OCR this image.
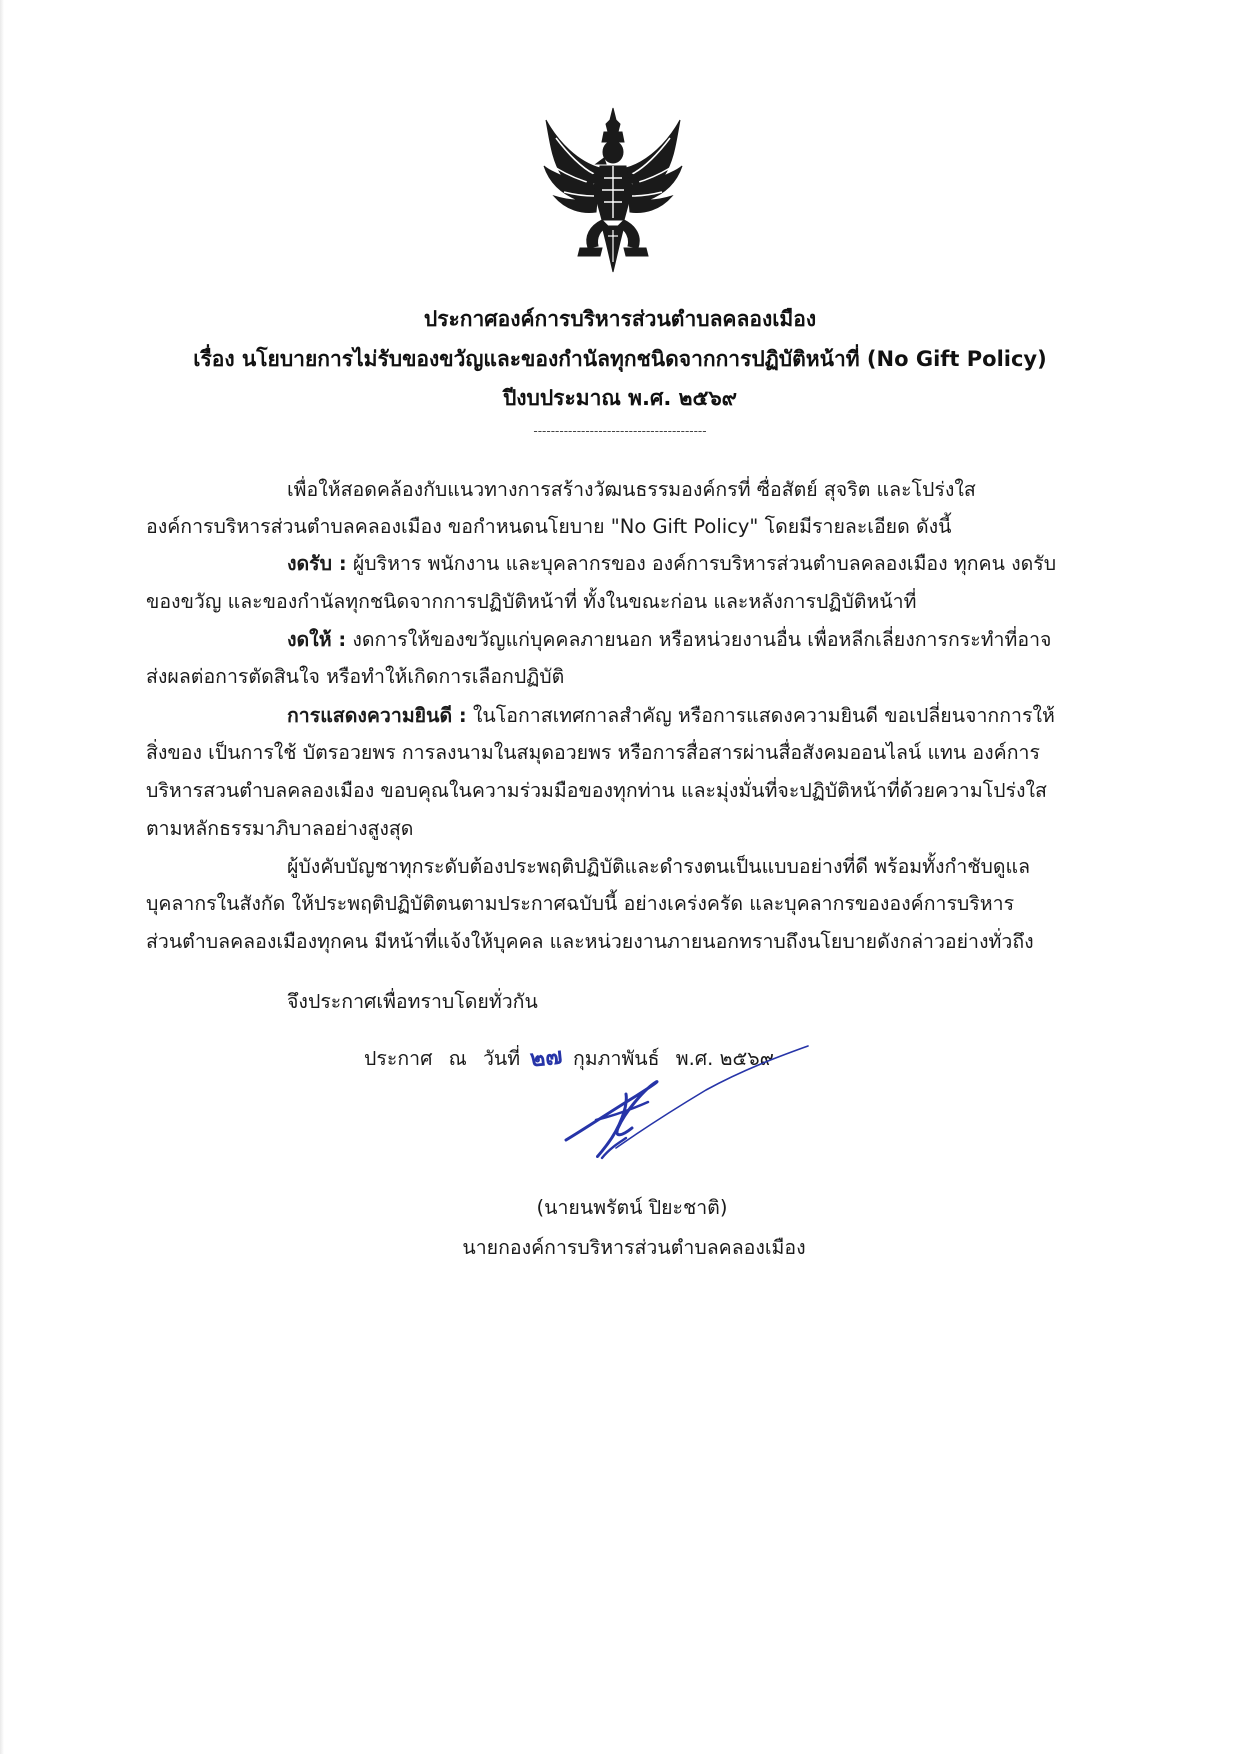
ประกาศองค์การบริหารส่วนตำบลคลองเมือง
เรื่อง นโยบายการไม่รับของขวัญและของกำนัลทุกชนิดจากการปฏิบัติหน้าที่ (No Gift Policy)
ปีงบประมาณ พ.ศ. ๒๕๖๙
----------------------------------------
เพื่อให้สอดคล้องกับแนวทางการสร้างวัฒนธรรมองค์กรที่ ซื่อสัตย์ สุจริต และโปร่งใส
องค์การบริหารส่วนตำบลคลองเมือง ขอกำหนดนโยบาย "No Gift Policy" โดยมีรายละเอียด ดังนี้
งดรับ : ผู้บริหาร พนักงาน และบุคลากรของ องค์การบริหารส่วนตำบลคลองเมือง ทุกคน งดรับ
ของขวัญ และของกำนัลทุกชนิดจากการปฏิบัติหน้าที่ ทั้งในขณะก่อน และหลังการปฏิบัติหน้าที่
งดให้ : งดการให้ของขวัญแก่บุคคลภายนอก หรือหน่วยงานอื่น เพื่อหลีกเลี่ยงการกระทำที่อาจ
ส่งผลต่อการตัดสินใจ หรือทำให้เกิดการเลือกปฏิบัติ
การแสดงความยินดี : ในโอกาสเทศกาลสำคัญ หรือการแสดงความยินดี ขอเปลี่ยนจากการให้
สิ่งของ เป็นการใช้ บัตรอวยพร การลงนามในสมุดอวยพร หรือการสื่อสารผ่านสื่อสังคมออนไลน์ แทน องค์การ
บริหารสวนตำบลคลองเมือง ขอบคุณในความร่วมมือของทุกท่าน และมุ่งมั่นที่จะปฏิบัติหน้าที่ด้วยความโปร่งใส
ตามหลักธรรมาภิบาลอย่างสูงสุด
ผู้บังคับบัญชาทุกระดับต้องประพฤติปฏิบัติและดำรงตนเป็นแบบอย่างที่ดี พร้อมทั้งกำชับดูแล
บุคลากรในสังกัด ให้ประพฤติปฏิบัติตนตามประกาศฉบับนี้ อย่างเคร่งครัด และบุคลากรขององค์การบริหาร
ส่วนตำบลคลองเมืองทุกคน มีหน้าที่แจ้งให้บุคคล และหน่วยงานภายนอกทราบถึงนโยบายดังกล่าวอย่างทั่วถึง
จึงประกาศเพื่อทราบโดยทั่วกัน
ประกาศ ณ วันที่ ๒๗ กุมภาพันธ์ พ.ศ. ๒๕๖๙
(นายนพรัตน์ ปิยะชาติ)
นายกองค์การบริหารส่วนตำบลคลองเมือง
